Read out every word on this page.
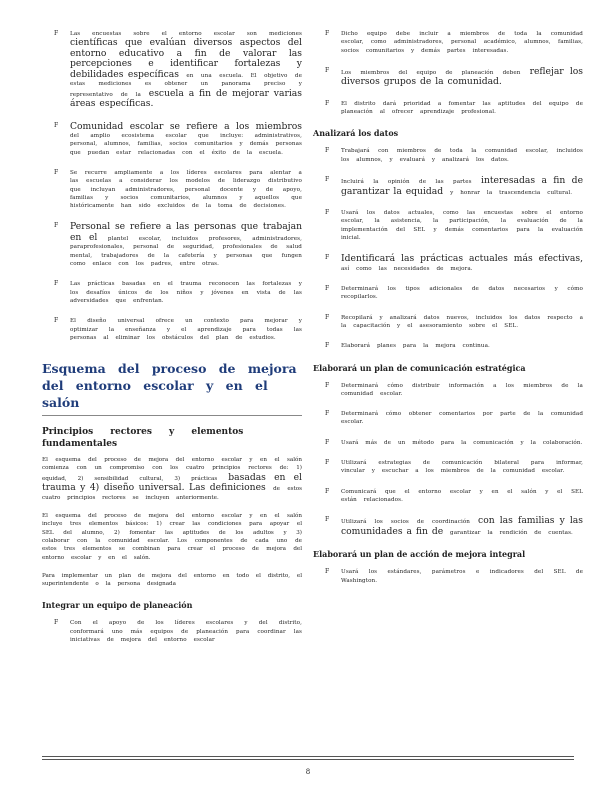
F Las encuestas sobre el entorno escolar son mediciones científicas que evalúan diversos aspectos del entorno educativo a fin de valorar las percepciones e identificar fortalezas y debilidades específicas en una escuela. El objetivo de estas mediciones es obtener un panorama preciso y representativo de la escuela a fin de mejorar varias áreas específicas.
F Comunidad escolar se refiere a los miembros del amplio ecosistema escolar que incluye: administrativos, personal, alumnos, familias, socios comunitarios y demás personas que puedan estar relacionadas con el éxito de la escuela.
F Se recurre ampliamente a los líderes escolares para alentar a las escuelas a considerar los modelos de liderazgo distributivo que incluyan administradores, personal docente y de apoyo, familias y socios comunitarios, alumnos y aquellos que históricamente han sido excluidos de la toma de decisiones.
F Personal se refiere a las personas que trabajan en el plantel escolar, incluidos profesores, administradores, paraprofesionales, personal de seguridad, profesionales de salud mental, trabajadores de la cafetería y personas que fungen como enlace con los padres, entre otras.
F Las prácticas basadas en el trauma reconocen las fortalezas y los desafíos únicos de los niños y jóvenes en vista de las adversidades que enfrentan.
F El diseño universal ofrece un contexto para mejorar y optimizar la enseñanza y el aprendizaje para todas las personas al eliminar los obstáculos del plan de estudios.
Esquema del proceso de mejora del entorno escolar y en el salón
Principios rectores y elementos fundamentales

El esquema del proceso de mejora del entorno escolar y en el salón comienza con un compromiso con los cuatro principios rectores de: 1) equidad, 2) sensibilidad cultural, 3) prácticas basadas en el trauma y 4) diseño universal. Las definiciones de estos cuatro principios rectores se incluyen anteriormente.

El esquema del proceso de mejora del entorno escolar y en el salón incluye tres elementos básicos: 1) crear las condiciones para apoyar el SEL del alumno, 2) fomentar las aptitudes de los adultos y 3) colaborar con la comunidad escolar. Los componentes de cada uno de estos tres elementos se combinan para crear el proceso de mejora del entorno escolar y en el salón.

Para implementar un plan de mejora del entorno en todo el distrito, el superintendente o la persona designada

Integrar un equipo de planeación
F Con el apoyo de los líderes escolares y del distrito, conformará uno más equipos de planeación para coordinar las iniciativas de mejora del entorno escolar
F Dicho equipo debe incluir a miembros de toda la comunidad escolar, como administradores, personal académico, alumnos, familias, socios comunitarios y demás partes interesadas.
F Los miembros del equipo de planeación deben reflejar los diversos grupos de la comunidad.
F El distrito dará prioridad a fomentar las aptitudes del equipo de planeación al ofrecer aprendizaje profesional.
Analizará los datos
F Trabajará con miembros de toda la comunidad escolar, incluidos los alumnos, y evaluará y analizará los datos.
F Incluirá la opinión de las partes interesadas a fin de garantizar la equidad y honrar la trascendencia cultural.
F Usará los datos actuales, como las encuestas sobre el entorno escolar, la asistencia, la participación, la evaluación de la implementación del SEL y demás comentarios para la evaluación inicial.
F Identificará las prácticas actuales más efectivas, así como las necesidades de mejora.
F Determinará los tipos adicionales de datos necesarios y cómo recopilarlos.
F Recopilará y analizará datos nuevos, incluidos los datos respecto a la capacitación y el asesoramiento sobre el SEL.
F Elaborará planes para la mejora continua.
Elaborará un plan de comunicación estratégica
F Determinará cómo distribuir información a los miembros de la comunidad escolar.
F Determinará cómo obtener comentarios por parte de la comunidad escolar.
F Usará más de un método para la comunicación y la colaboración.
F Utilizará estrategias de comunicación bilateral para informar, vincular y escuchar a los miembros de la comunidad escolar.
F Comunicará que el entorno escolar y en el salón y el SEL están relacionados.
F Utilizará los socios de coordinación con las familias y las comunidades a fin de garantizar la rendición de cuentas.
Elaborará un plan de acción de mejora integral
F Usará los estándares, parámetros e indicadores del SEL de Washington.
8
